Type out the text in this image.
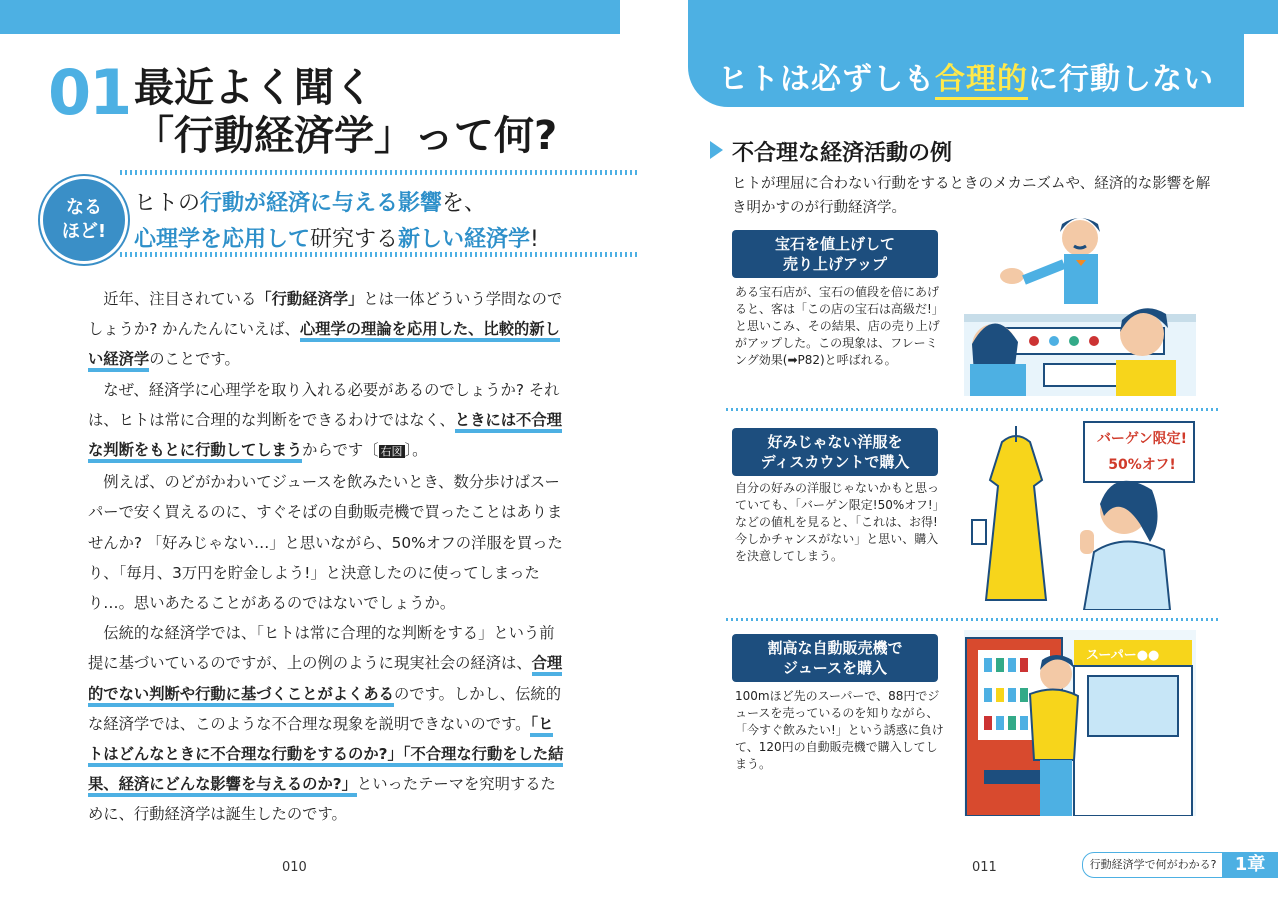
01 最近よく聞く
「行動経済学」って何?
なる
ほど!
ヒトの行動が経済に与える影響を、
心理学を応用して研究する新しい経済学!

近年、注目されている「行動経済学」とは一体どういう学問なのでしょうか? かんたんにいえば、心理学の理論を応用した、比較的新しい経済学のことです。

なぜ、経済学に心理学を取り入れる必要があるのでしょうか? それは、ヒトは常に合理的な判断をできるわけではなく、ときには不合理な判断をもとに行動してしまうからです〔 右図 〕。

例えば、のどがかわいてジュースを飲みたいとき、数分歩けばスーパーで安く買えるのに、すぐそばの自動販売機で買ったことはありませんか? 「好みじゃない…」と思いながら、50%オフの洋服を買ったり、「毎月、3万円を貯金しよう!」と決意したのに使ってしまったり…。思いあたることがあるのではないでしょうか。

伝統的な経済学では、「ヒトは常に合理的な判断をする」という前提に基づいているのですが、上の例のように現実社会の経済は、合理的でない判断や行動に基づくことがよくあるのです。しかし、伝統的な経済学では、このような不合理な現象を説明できないのです。「ヒトはどんなときに不合理な行動をするのか?」「不合理な行動をした結果、経済にどんな影響を与えるのか?」といったテーマを究明するために、行動経済学は誕生したのです。

010
ヒトは必ずしも合理的に行動しない
不合理な経済活動の例
ヒトが理屈に合わない行動をするときのメカニズムや、経済的な影響を解き明かすのが行動経済学。
宝石を値上げして
売り上げアップ
ある宝石店が、宝石の値段を倍にあげると、客は「この店の宝石は高級だ!」と思いこみ、その結果、店の売り上げがアップした。この現象は、フレーミング効果(➡P82)と呼ばれる。
好みじゃない洋服を
ディスカウントで購入
自分の好みの洋服じゃないかもと思っていても、「バーゲン限定!50%オフ!」などの値札を見ると、「これは、お得! 今しかチャンスがない」と思い、購入を決意してしまう。
バーゲン限定!
50%オフ!
割高な自動販売機で
ジュースを購入
100mほど先のスーパーで、88円でジュースを売っているのを知りながら、「今すぐ飲みたい!」という誘惑に負けて、120円の自動販売機で購入してしまう。
スーパー●●
011	行動経済学で何がわかる?	1章
